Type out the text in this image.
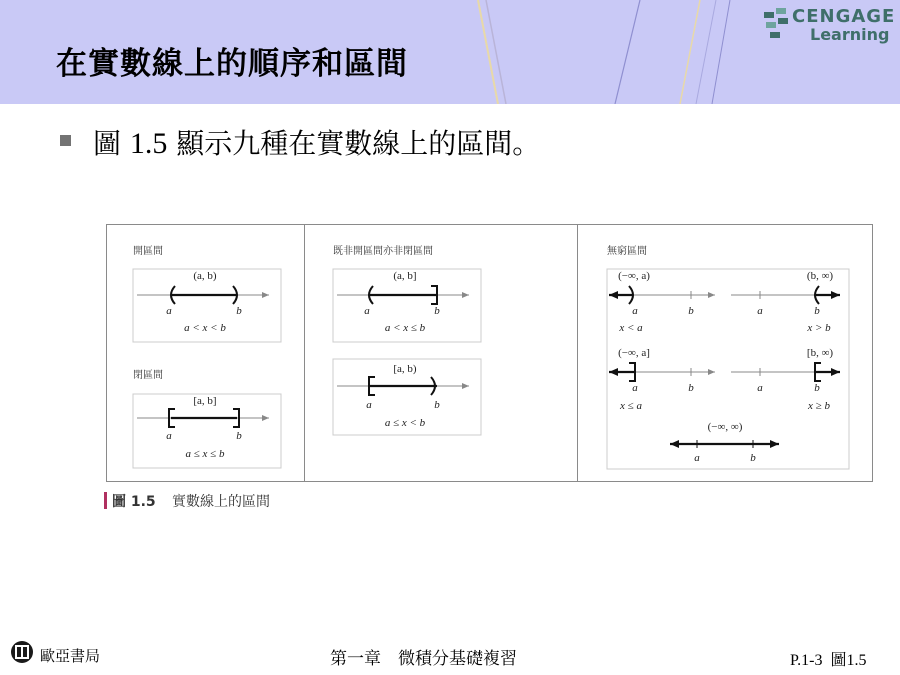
在實數線上的順序和區間
CENGAGE
Learning
圖 1.5 顯示九種在實數線上的區間。
開區間
(a, b)
a	b
a < x < b
閉區間
[a, b]
a	b
a ≤ x ≤ b
既非開區間亦非閉區間
(a, b]
a	b
a < x ≤ b
[a, b)
a	b
a ≤ x < b
無窮區間
(−∞, a)
a	b
x < a
(b, ∞)
a	b
x > b
(−∞, a]
a	b
x ≤ a
[b, ∞)
a	b
x ≥ b
(−∞, ∞)
a	b
圖 1.5 實數線上的區間
歐亞書局	第一章　微積分基礎複習	P.1-3 圖1.5
